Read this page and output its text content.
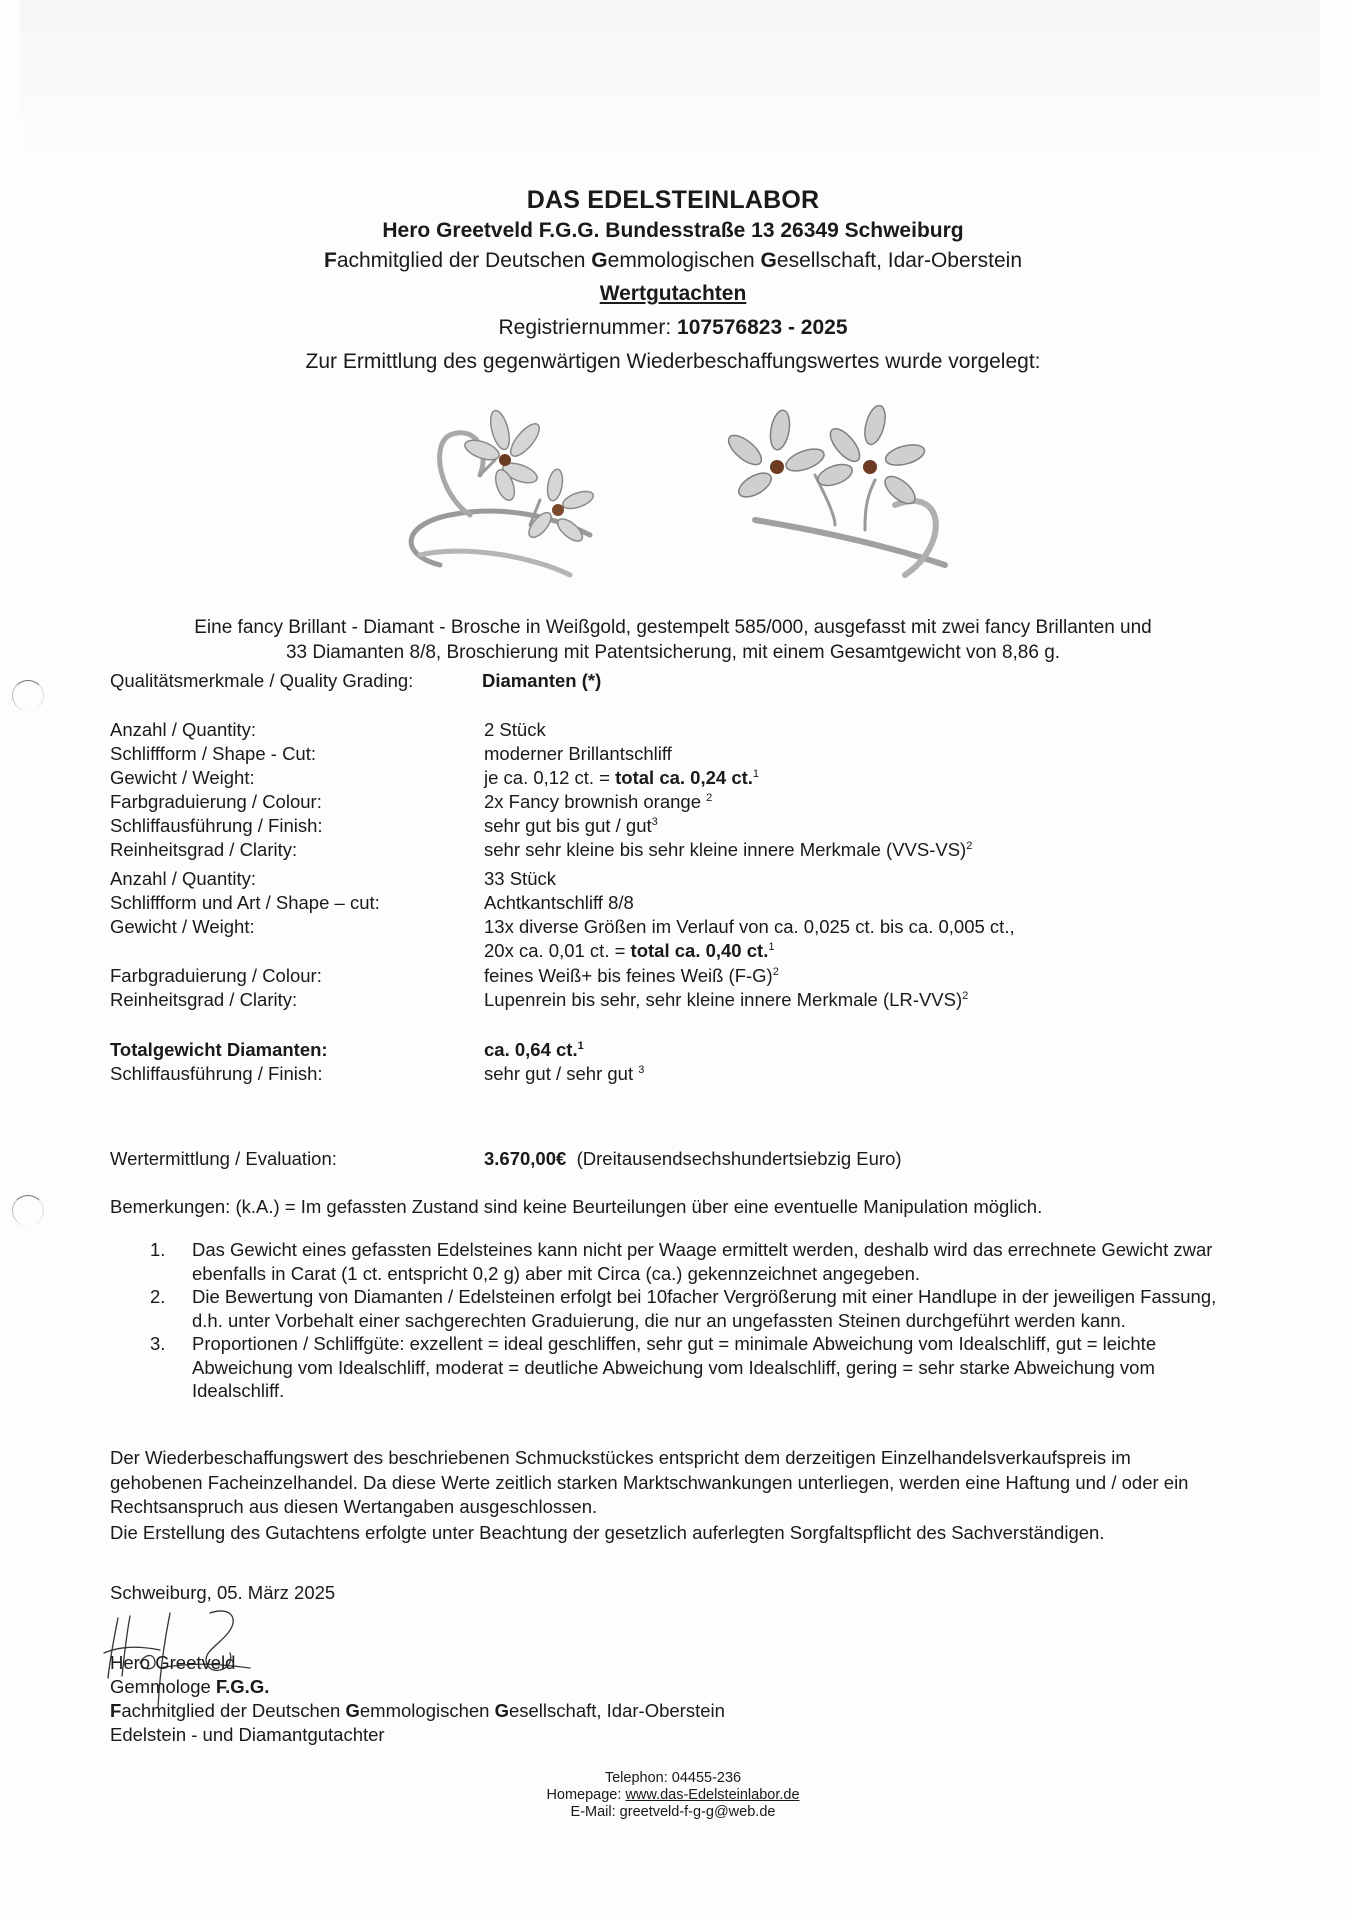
DAS EDELSTEINLABOR
Hero Greetveld F.G.G. Bundesstraße 13 26349 Schweiburg
Fachmitglied der Deutschen Gemmologischen Gesellschaft, Idar-Oberstein
Wertgutachten
Registriernummer: 107576823 - 2025
Zur Ermittlung des gegenwärtigen Wiederbeschaffungswertes wurde vorgelegt:
Eine fancy Brillant - Diamant - Brosche in Weißgold, gestempelt 585/000, ausgefasst mit zwei fancy Brillanten und
33 Diamanten 8/8, Broschierung mit Patentsicherung, mit einem Gesamtgewicht von 8,86 g.
Qualitätsmerkmale / Quality Grading:	Diamanten (*)
Anzahl / Quantity:	2 Stück
Schliffform / Shape - Cut:	moderner Brillantschliff
Gewicht / Weight:	je ca. 0,12 ct. = total ca. 0,24 ct.$^1$
Farbgraduierung / Colour:	2x Fancy brownish orange $^2$
Schliffausführung / Finish:	sehr gut bis gut / gut$^3$
Reinheitsgrad / Clarity:	sehr sehr kleine bis sehr kleine innere Merkmale $(VVS-VS)^2$
Anzahl / Quantity:	33 Stück
Schliffform und Art / Shape – cut:	Achtkantschliff 8/8
Gewicht / Weight:	13x diverse Größen im Verlauf von ca. 0,025 ct. bis ca. 0,005 ct.,
20x ca. 0,01 ct. = total ca. 0,40 ct.$^1$
Farbgraduierung / Colour:	feines Weiß+ bis feines Weiß $(F-G)^2$
Reinheitsgrad / Clarity:	Lupenrein bis sehr, sehr kleine innere Merkmale $(LR-VVS)^2$
Totalgewicht Diamanten:	ca. 0,64 ct.$^1$
Schliffausführung / Finish:	sehr gut / sehr gut $^3$
Wertermittlung / Evaluation:	3.670,00€ (Dreitausendsechshundertsiebzig Euro)
Bemerkungen: (k.A.) = Im gefassten Zustand sind keine Beurteilungen über eine eventuelle Manipulation möglich.

1. Das Gewicht eines gefassten Edelsteines kann nicht per Waage ermittelt werden, deshalb wird das errechnete Gewicht zwar ebenfalls in Carat (1 ct. entspricht 0,2 g) aber mit Circa (ca.) gekennzeichnet angegeben.

2. Die Bewertung von Diamanten / Edelsteinen erfolgt bei 10facher Vergrößerung mit einer Handlupe in der jeweiligen Fassung, d.h. unter Vorbehalt einer sachgerechten Graduierung, die nur an ungefassten Steinen durchgeführt werden kann.

3. Proportionen / Schliffgüte: exzellent = ideal geschliffen, sehr gut = minimale Abweichung vom Idealschliff, gut = leichte Abweichung vom Idealschliff, moderat = deutliche Abweichung vom Idealschliff, gering = sehr starke Abweichung vom Idealschliff.

Der Wiederbeschaffungswert des beschriebenen Schmuckstückes entspricht dem derzeitigen Einzelhandelsverkaufspreis im gehobenen Facheinzelhandel. Da diese Werte zeitlich starken Marktschwankungen unterliegen, werden eine Haftung und / oder ein Rechtsanspruch aus diesen Wertangaben ausgeschlossen.
Die Erstellung des Gutachtens erfolgte unter Beachtung der gesetzlich auferlegten Sorgfaltspflicht des Sachverständigen.
Schweiburg, 05. März 2025
Hero Greetveld
Gemmologe F.G.G.
Fachmitglied der Deutschen Gemmologischen Gesellschaft, Idar-Oberstein
Edelstein - und Diamantgutachter
Telephon: 04455-236
Homepage: www.das-Edelsteinlabor.de
E-Mail: greetveld-f-g-g@web.de
